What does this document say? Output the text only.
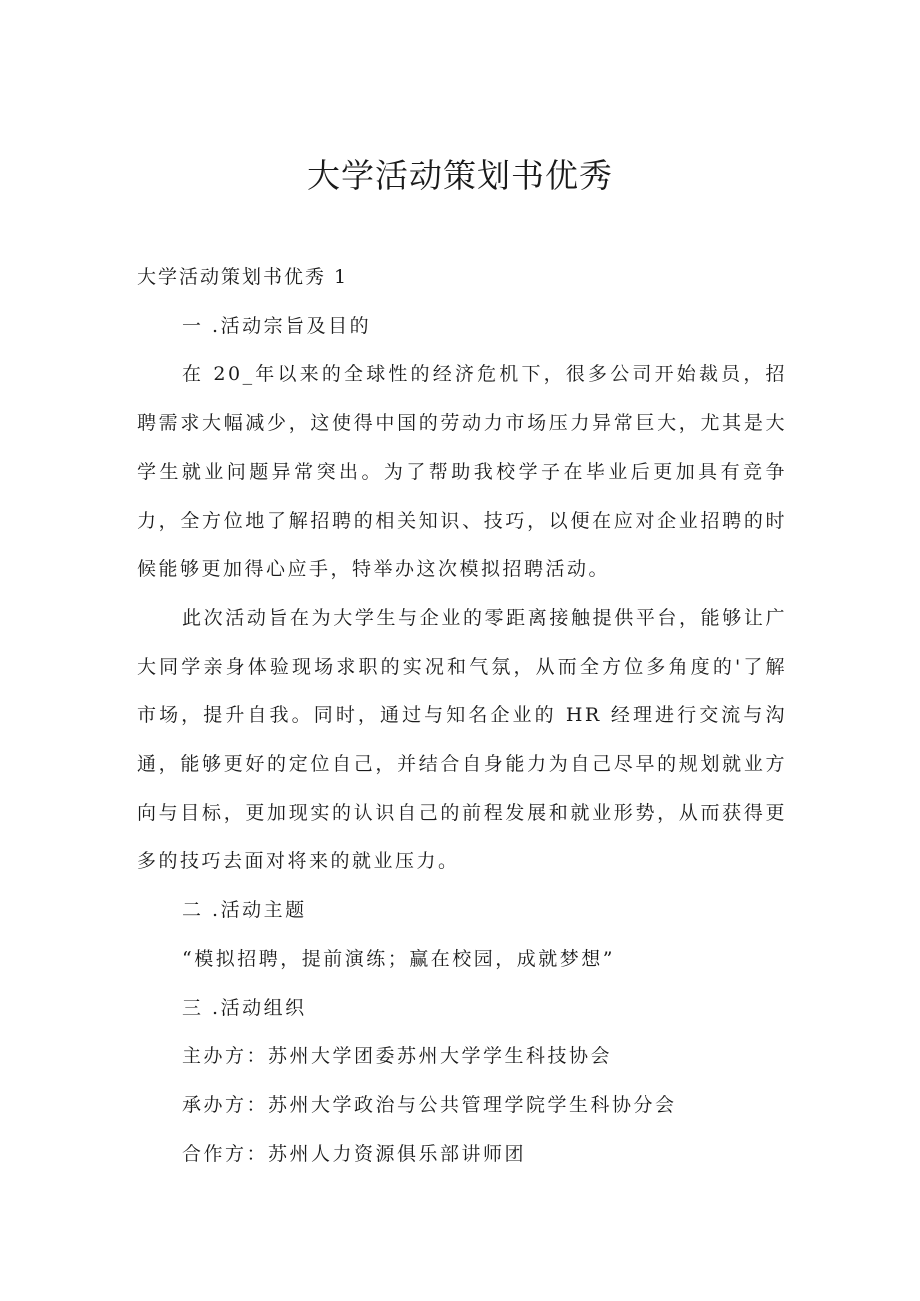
大学活动策划书优秀

大学活动策划书优秀 1

一 .活动宗旨及目的

在 20_年以来的全球性的经济危机下，很多公司开始裁员，招聘需求大幅减少，这使得中国的劳动力市场压力异常巨大，尤其是大学生就业问题异常突出。为了帮助我校学子在毕业后更加具有竞争力，全方位地了解招聘的相关知识、技巧，以便在应对企业招聘的时候能够更加得心应手，特举办这次模拟招聘活动。

此次活动旨在为大学生与企业的零距离接触提供平台，能够让广大同学亲身体验现场求职的实况和气氛，从而全方位多角度的'了解市场，提升自我。同时，通过与知名企业的 HR 经理进行交流与沟通，能够更好的定位自己，并结合自身能力为自己尽早的规划就业方向与目标，更加现实的认识自己的前程发展和就业形势，从而获得更多的技巧去面对将来的就业压力。

二 .活动主题

“模拟招聘，提前演练；赢在校园，成就梦想”

三 .活动组织

主办方：苏州大学团委苏州大学学生科技协会

承办方：苏州大学政治与公共管理学院学生科协分会

合作方：苏州人力资源俱乐部讲师团
